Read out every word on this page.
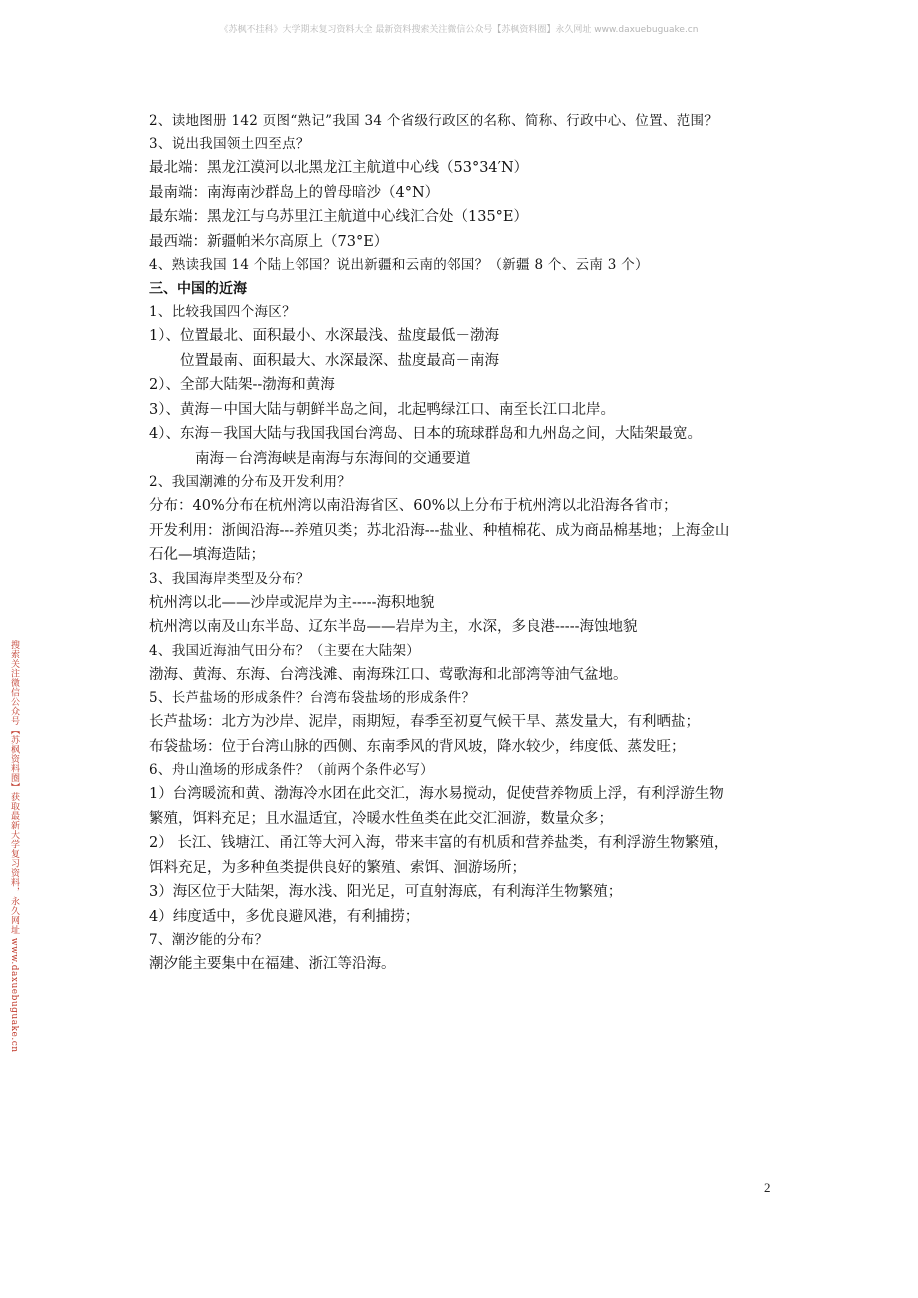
《苏枫不挂科》大学期末复习资料大全 最新资料搜索关注微信公众号【苏枫资料圈】永久网址 www.daxuebuguake.cn
搜索关注微信公众号【苏枫资料圈】获取最新大学复习资料，永久网址 www.daxuebuguake.cn
2、读地图册 142 页图“熟记”我国 34 个省级行政区的名称、简称、行政中心、位置、范围？
3、说出我国领土四至点？
最北端：黑龙江漠河以北黑龙江主航道中心线（53°34′N）
最南端：南海南沙群岛上的曾母暗沙（4°N）
最东端：黑龙江与乌苏里江主航道中心线汇合处（135°E）
最西端：新疆帕米尔高原上（73°E）
4、熟读我国 14 个陆上邻国？说出新疆和云南的邻国？（新疆 8 个、云南 3 个）
三、中国的近海
1、比较我国四个海区？
1）、位置最北、面积最小、水深最浅、盐度最低－渤海
位置最南、面积最大、水深最深、盐度最高－南海
2）、全部大陆架--渤海和黄海
3）、黄海－中国大陆与朝鲜半岛之间，北起鸭绿江口、南至长江口北岸。
4）、东海－我国大陆与我国我国台湾岛、日本的琉球群岛和九州岛之间，大陆架最宽。
南海－台湾海峡是南海与东海间的交通要道
2、我国潮滩的分布及开发利用？
分布：40%分布在杭州湾以南沿海省区、60%以上分布于杭州湾以北沿海各省市；
开发利用：浙闽沿海---养殖贝类；苏北沿海---盐业、种植棉花、成为商品棉基地；上海金山
石化—填海造陆；
3、我国海岸类型及分布？
杭州湾以北——沙岸或泥岸为主-----海积地貌
杭州湾以南及山东半岛、辽东半岛——岩岸为主，水深，多良港-----海蚀地貌
4、我国近海油气田分布？（主要在大陆架）
渤海、黄海、东海、台湾浅滩、南海珠江口、莺歌海和北部湾等油气盆地。
5、长芦盐场的形成条件？台湾布袋盐场的形成条件？
长芦盐场：北方为沙岸、泥岸，雨期短，春季至初夏气候干旱、蒸发量大，有利晒盐；
布袋盐场：位于台湾山脉的西侧、东南季风的背风坡，降水较少，纬度低、蒸发旺；
6、舟山渔场的形成条件？（前两个条件必写）
1）台湾暖流和黄、渤海冷水团在此交汇，海水易搅动，促使营养物质上浮，有利浮游生物
繁殖，饵料充足；且水温适宜，冷暖水性鱼类在此交汇洄游，数量众多；
2） 长江、钱塘江、甬江等大河入海，带来丰富的有机质和营养盐类，有利浮游生物繁殖，
饵料充足，为多种鱼类提供良好的繁殖、索饵、洄游场所；
3）海区位于大陆架，海水浅、阳光足，可直射海底，有利海洋生物繁殖；
4）纬度适中，多优良避风港，有利捕捞；
7、潮汐能的分布？
潮汐能主要集中在福建、浙江等沿海。
2
